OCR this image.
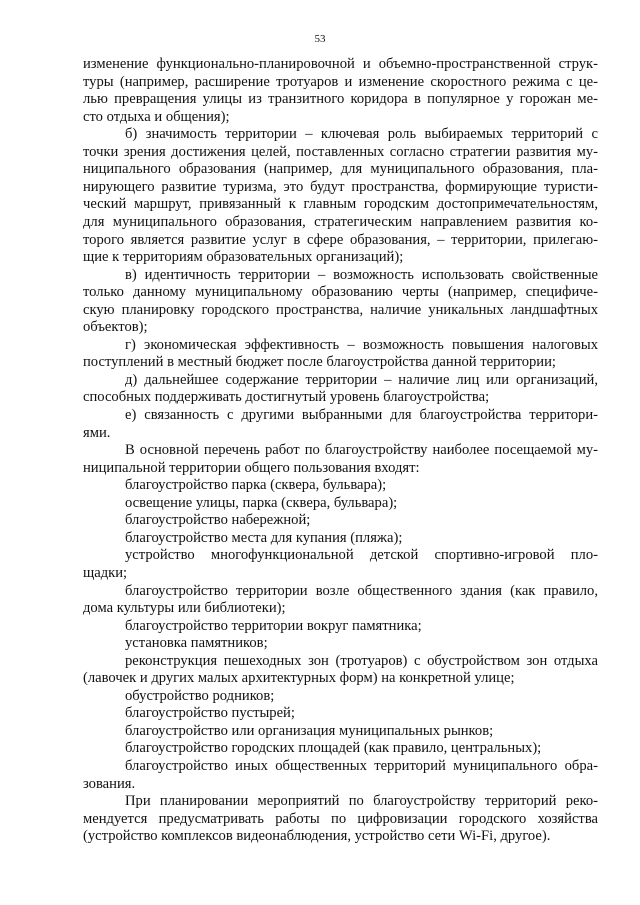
53
изменение функционально-планировочной и объемно-пространственной струк-
туры (например, расширение тротуаров и изменение скоростного режима с це-
лью превращения улицы из транзитного коридора в популярное у горожан ме-
сто отдыха и общения);
б) значимость территории – ключевая роль выбираемых территорий с
точки зрения достижения целей, поставленных согласно стратегии развития му-
ниципального образования (например, для муниципального образования, пла-
нирующего развитие туризма, это будут пространства, формирующие туристи-
ческий маршрут, привязанный к главным городским достопримечательностям,
для муниципального образования, стратегическим направлением развития ко-
торого является развитие услуг в сфере образования, – территории, прилегаю-
щие к территориям образовательных организаций);
в) идентичность территории – возможность использовать свойственные
только данному муниципальному образованию черты (например, специфиче-
скую планировку городского пространства, наличие уникальных ландшафтных
объектов);
г) экономическая эффективность – возможность повышения налоговых
поступлений в местный бюджет после благоустройства данной территории;
д) дальнейшее содержание территории – наличие лиц или организаций,
способных поддерживать достигнутый уровень благоустройства;
е) связанность с другими выбранными для благоустройства территори-
ями.
В основной перечень работ по благоустройству наиболее посещаемой му-
ниципальной территории общего пользования входят:
благоустройство парка (сквера, бульвара);
освещение улицы, парка (сквера, бульвара);
благоустройство набережной;
благоустройство места для купания (пляжа);
устройство многофункциональной детской спортивно-игровой пло-
щадки;
благоустройство территории возле общественного здания (как правило,
дома культуры или библиотеки);
благоустройство территории вокруг памятника;
установка памятников;
реконструкция пешеходных зон (тротуаров) с обустройством зон отдыха
(лавочек и других малых архитектурных форм) на конкретной улице;
обустройство родников;
благоустройство пустырей;
благоустройство или организация муниципальных рынков;
благоустройство городских площадей (как правило, центральных);
благоустройство иных общественных территорий муниципального обра-
зования.
При планировании мероприятий по благоустройству территорий реко-
мендуется предусматривать работы по цифровизации городского хозяйства
(устройство комплексов видеонаблюдения, устройство сети Wi-Fi, другое).
